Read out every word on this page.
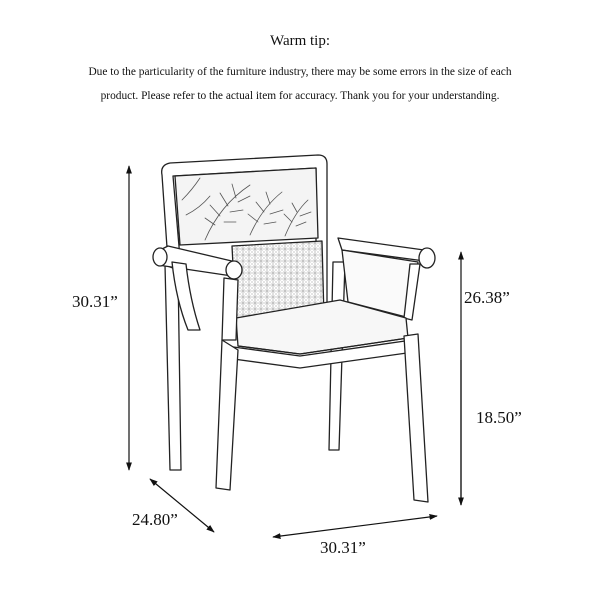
Warm tip:
Due to the particularity of the furniture industry, there may be some errors in the size of each
product. Please refer to the actual item for accuracy. Thank you for your understanding.
30.31”	26.38”
18.50”
24.80”
30.31”
